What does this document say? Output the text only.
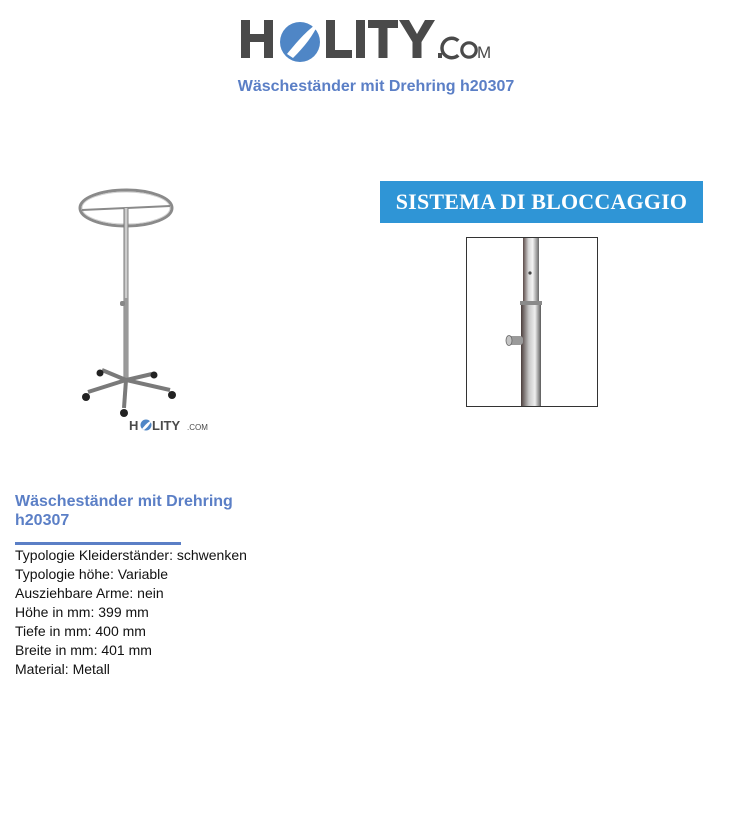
M
Wäscheständer mit Drehring h20307
H LITY .COM
SISTEMA DI BLOCCAGGIO
Wäscheständer mit Drehring h20307
Typologie Kleiderständer: schwenken
Typologie höhe: Variable
Ausziehbare Arme: nein
Höhe in mm: 399 mm
Tiefe in mm: 400 mm
Breite in mm: 401 mm
Material: Metall
